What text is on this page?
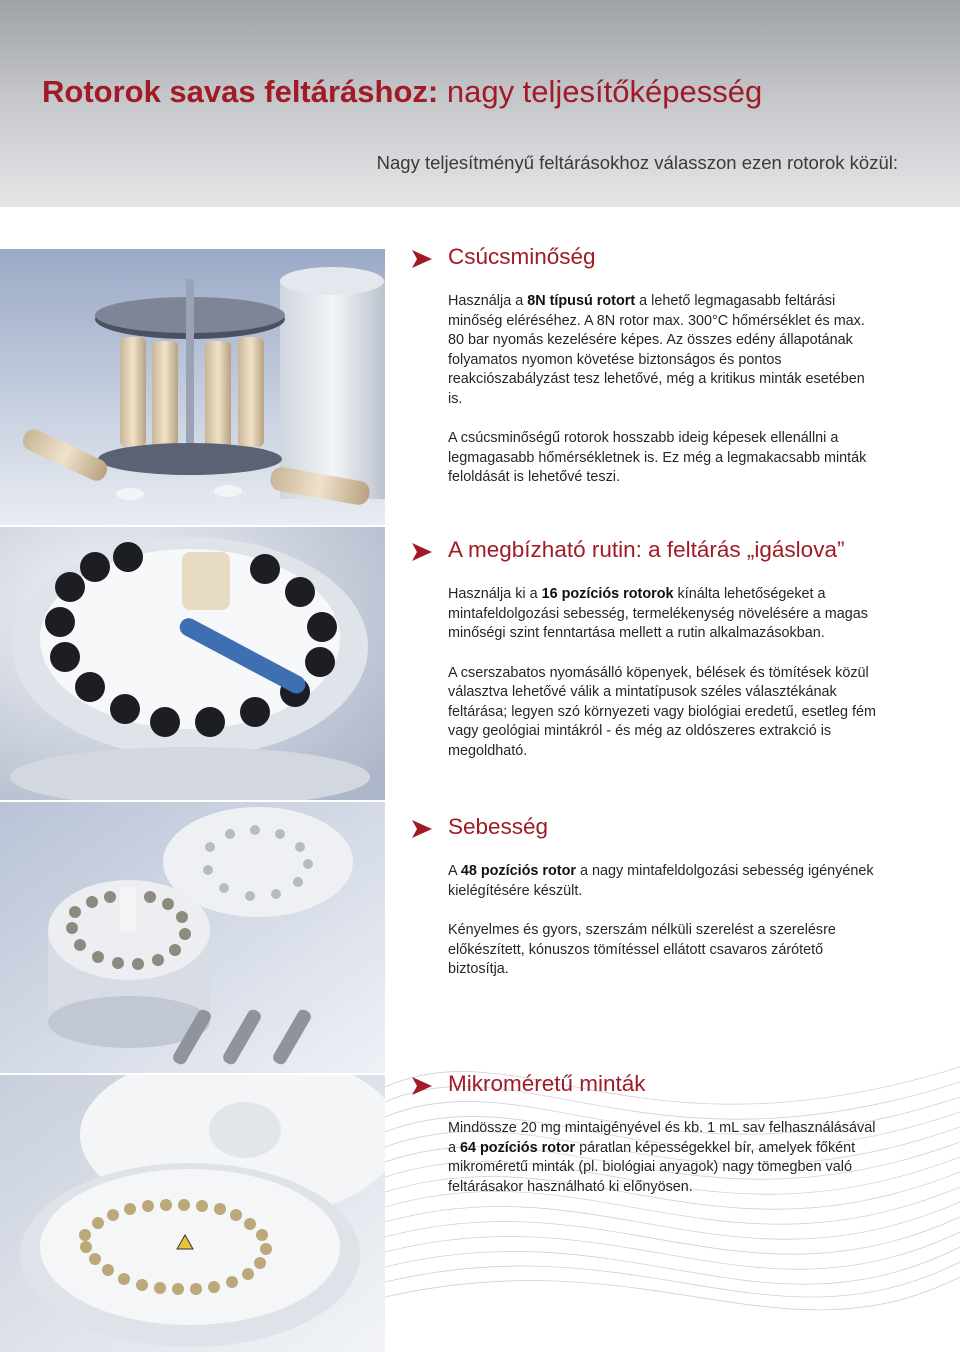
Rotorok savas feltáráshoz: nagy teljesítőképesség

Nagy teljesítményű feltárásokhoz válasszon ezen rotorok közül:

Csúcsminőség

Használja a 8N típusú rotort a lehető legmagasabb feltárási minőség eléréséhez. A 8N rotor max. 300°C hőmérséklet és max. 80 bar nyomás kezelésére képes. Az összes edény állapotának folyamatos nyomon követése biztonságos és pontos reakciószabályzást tesz lehetővé, még a kritikus minták esetében is.

A csúcsminőségű rotorok hosszabb ideig képesek ellenállni a legmagasabb hőmérsékletnek is. Ez még a legmakacsabb minták feloldását is lehetővé teszi.

A megbízható rutin: a feltárás „igáslova”

Használja ki a 16 pozíciós rotorok kínálta lehetőségeket a mintafeldolgozási sebesség, termelékenység növelésére a magas minőségi szint fenntartása mellett a rutin alkalmazásokban.

A cserszabatos nyomásálló köpenyek, bélések és tömítések közül választva lehetővé válik a mintatípusok széles választékának feltárása; legyen szó környezeti vagy biológiai eredetű, esetleg fém vagy geológiai mintákról - és még az oldószeres extrakció is megoldható.

Sebesség

A 48 pozíciós rotor a nagy mintafeldolgozási sebesség igényének kielégítésére készült.

Kényelmes és gyors, szerszám nélküli szerelést a szerelésre előkészített, kónuszos tömítéssel ellátott csavaros zárótető biztosítja.

Mikroméretű minták

Mindössze 20 mg mintaigényével és kb. 1 mL sav felhasználásával a 64 pozíciós rotor páratlan képességekkel bír, amelyek főként mikroméretű minták (pl. biológiai anyagok) nagy tömegben való feltárásakor használható ki előnyösen.
